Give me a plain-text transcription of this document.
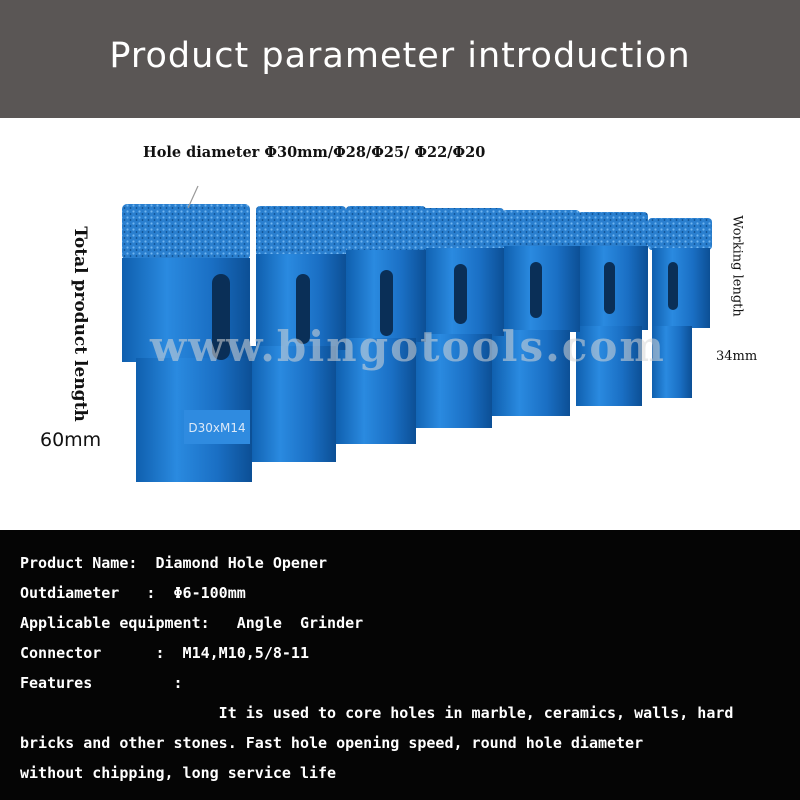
Product parameter introduction
D30xM14
www.bingotools.com
Hole diameter Φ30mm/Φ28/Φ25/ Φ22/Φ20
Total product length
60mm
Working length
34mm
Product Name:  Diamond Hole Opener
Outdiameter   :  Φ6-100mm
Applicable equipment:   Angle  Grinder
Connector      :  M14,M10,5/8-11
Features         :
It is used to core holes in marble, ceramics, walls, hard
bricks and other stones. Fast hole opening speed, round hole diameter
without chipping, long service life
